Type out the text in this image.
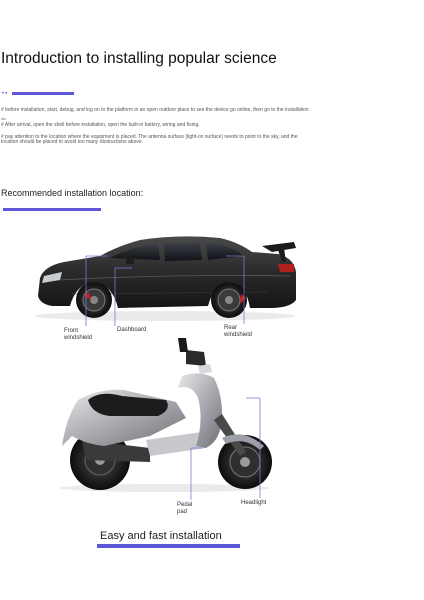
Introduction to installing popular science
••
# before installation, start, debug, and log on to the platform in an open outdoor place to see the device go online, then go to the installation
site.
# After arrival, open the shell before installation, open the built-in battery, wiring and fixing.
# pay attention to the location where the equipment is placed. The antenna surface (light-on surface) needs to point to the sky, and the
location should be placed to avoid too many obstructions above.
Recommended installation location:
Front
windshield
Dashboard	Rear
windshield
Pedal
pad
Headlight
Easy and fast installation
